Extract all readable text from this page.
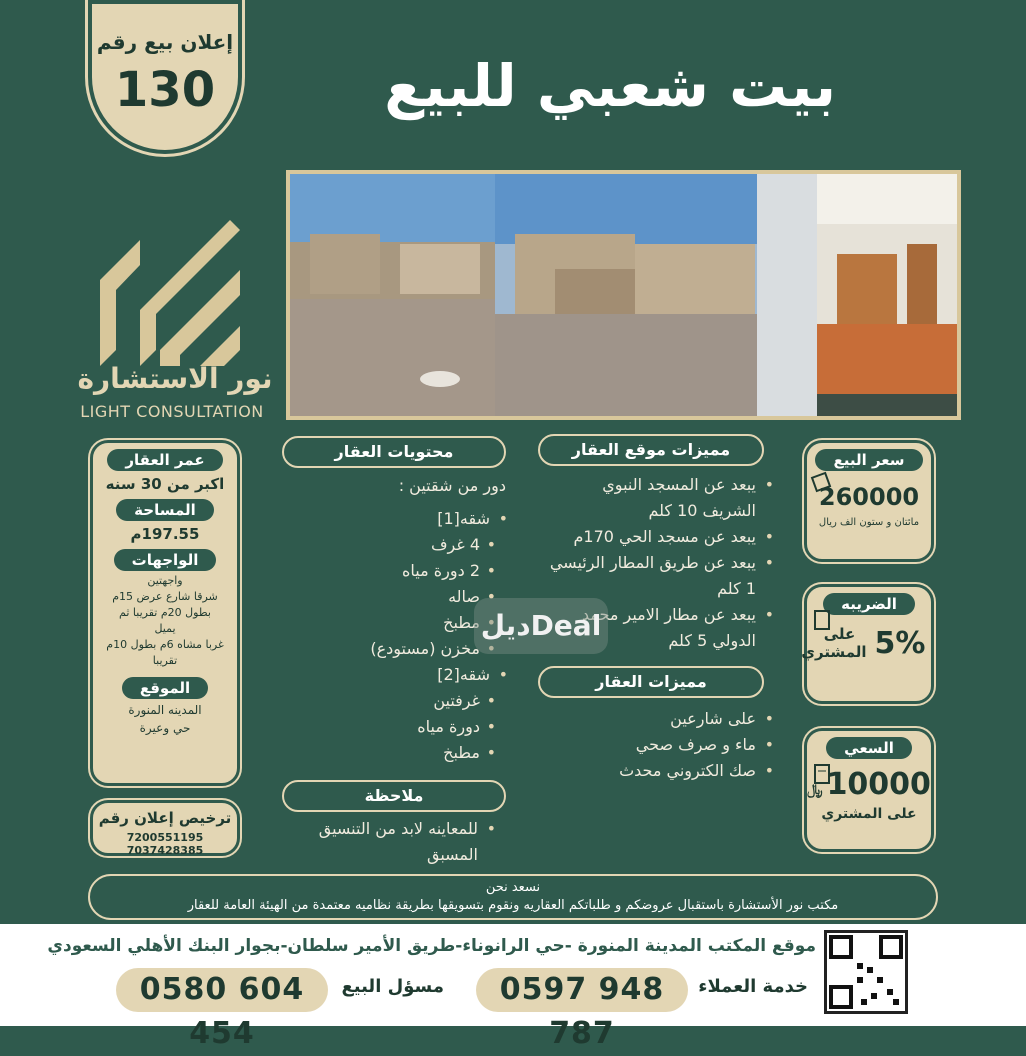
إعلان بيع رقم
130	بيت شعبي للبيع
نور الاستشارة
LIGHT CONSULTATION
عمر العقار
اكبر من 30 سنه
المساحة
197.55م
الواجهات
واجهتين
شرقا شارع عرض 15م
بطول 20م تقريبا ثم
يميل
غربا مشاه 6م بطول 10م
تقريبا
الموقع
المدينه المنورة
حي وعيرة
ترخيص إعلان رقم
7200551195 7037428385
محتويات العقار
دور من شقتين :
• شقه[1]
• 4 غرف
• 2 دورة مياه
• صاله
• مطبخ
• مخزن (مستودع)
• شقه[2]
• غرفتين
• دورة مياه
• مطبخ
ملاحظة
• للمعاينه لابد من التنسيق المسبق
مميزات موقع العقار
• يبعد عن المسجد النبوي الشريف 10 كلم
• يبعد عن مسجد الحي 170م
• يبعد عن طريق المطار الرئيسي 1 كلم
• يبعد عن مطار الامير محمد الدولي 5 كلم
مميزات العقار
• على شارعين
• ماء و صرف صحي
• صك الكتروني محدث
سعر البيع
260000
مائتان و ستون الف ريال
الضريبه
5%
على المشتري
السعي
﷼ 10000
على المشتري
ديلDeal
نسعد نحن
مكتب نور الأستشارة باستقبال عروضكم و طلباتكم العقاريه ونقوم بتسويقها بطريقة نظاميه معتمدة من الهيئة العامة للعقار
موقع المكتب المدينة المنورة -حي الرانوناء-طريق الأمير سلطان-بجوار البنك الأهلي السعودي
خدمة العملاء
0597 948 787
مسؤل البيع
0580 604 454
